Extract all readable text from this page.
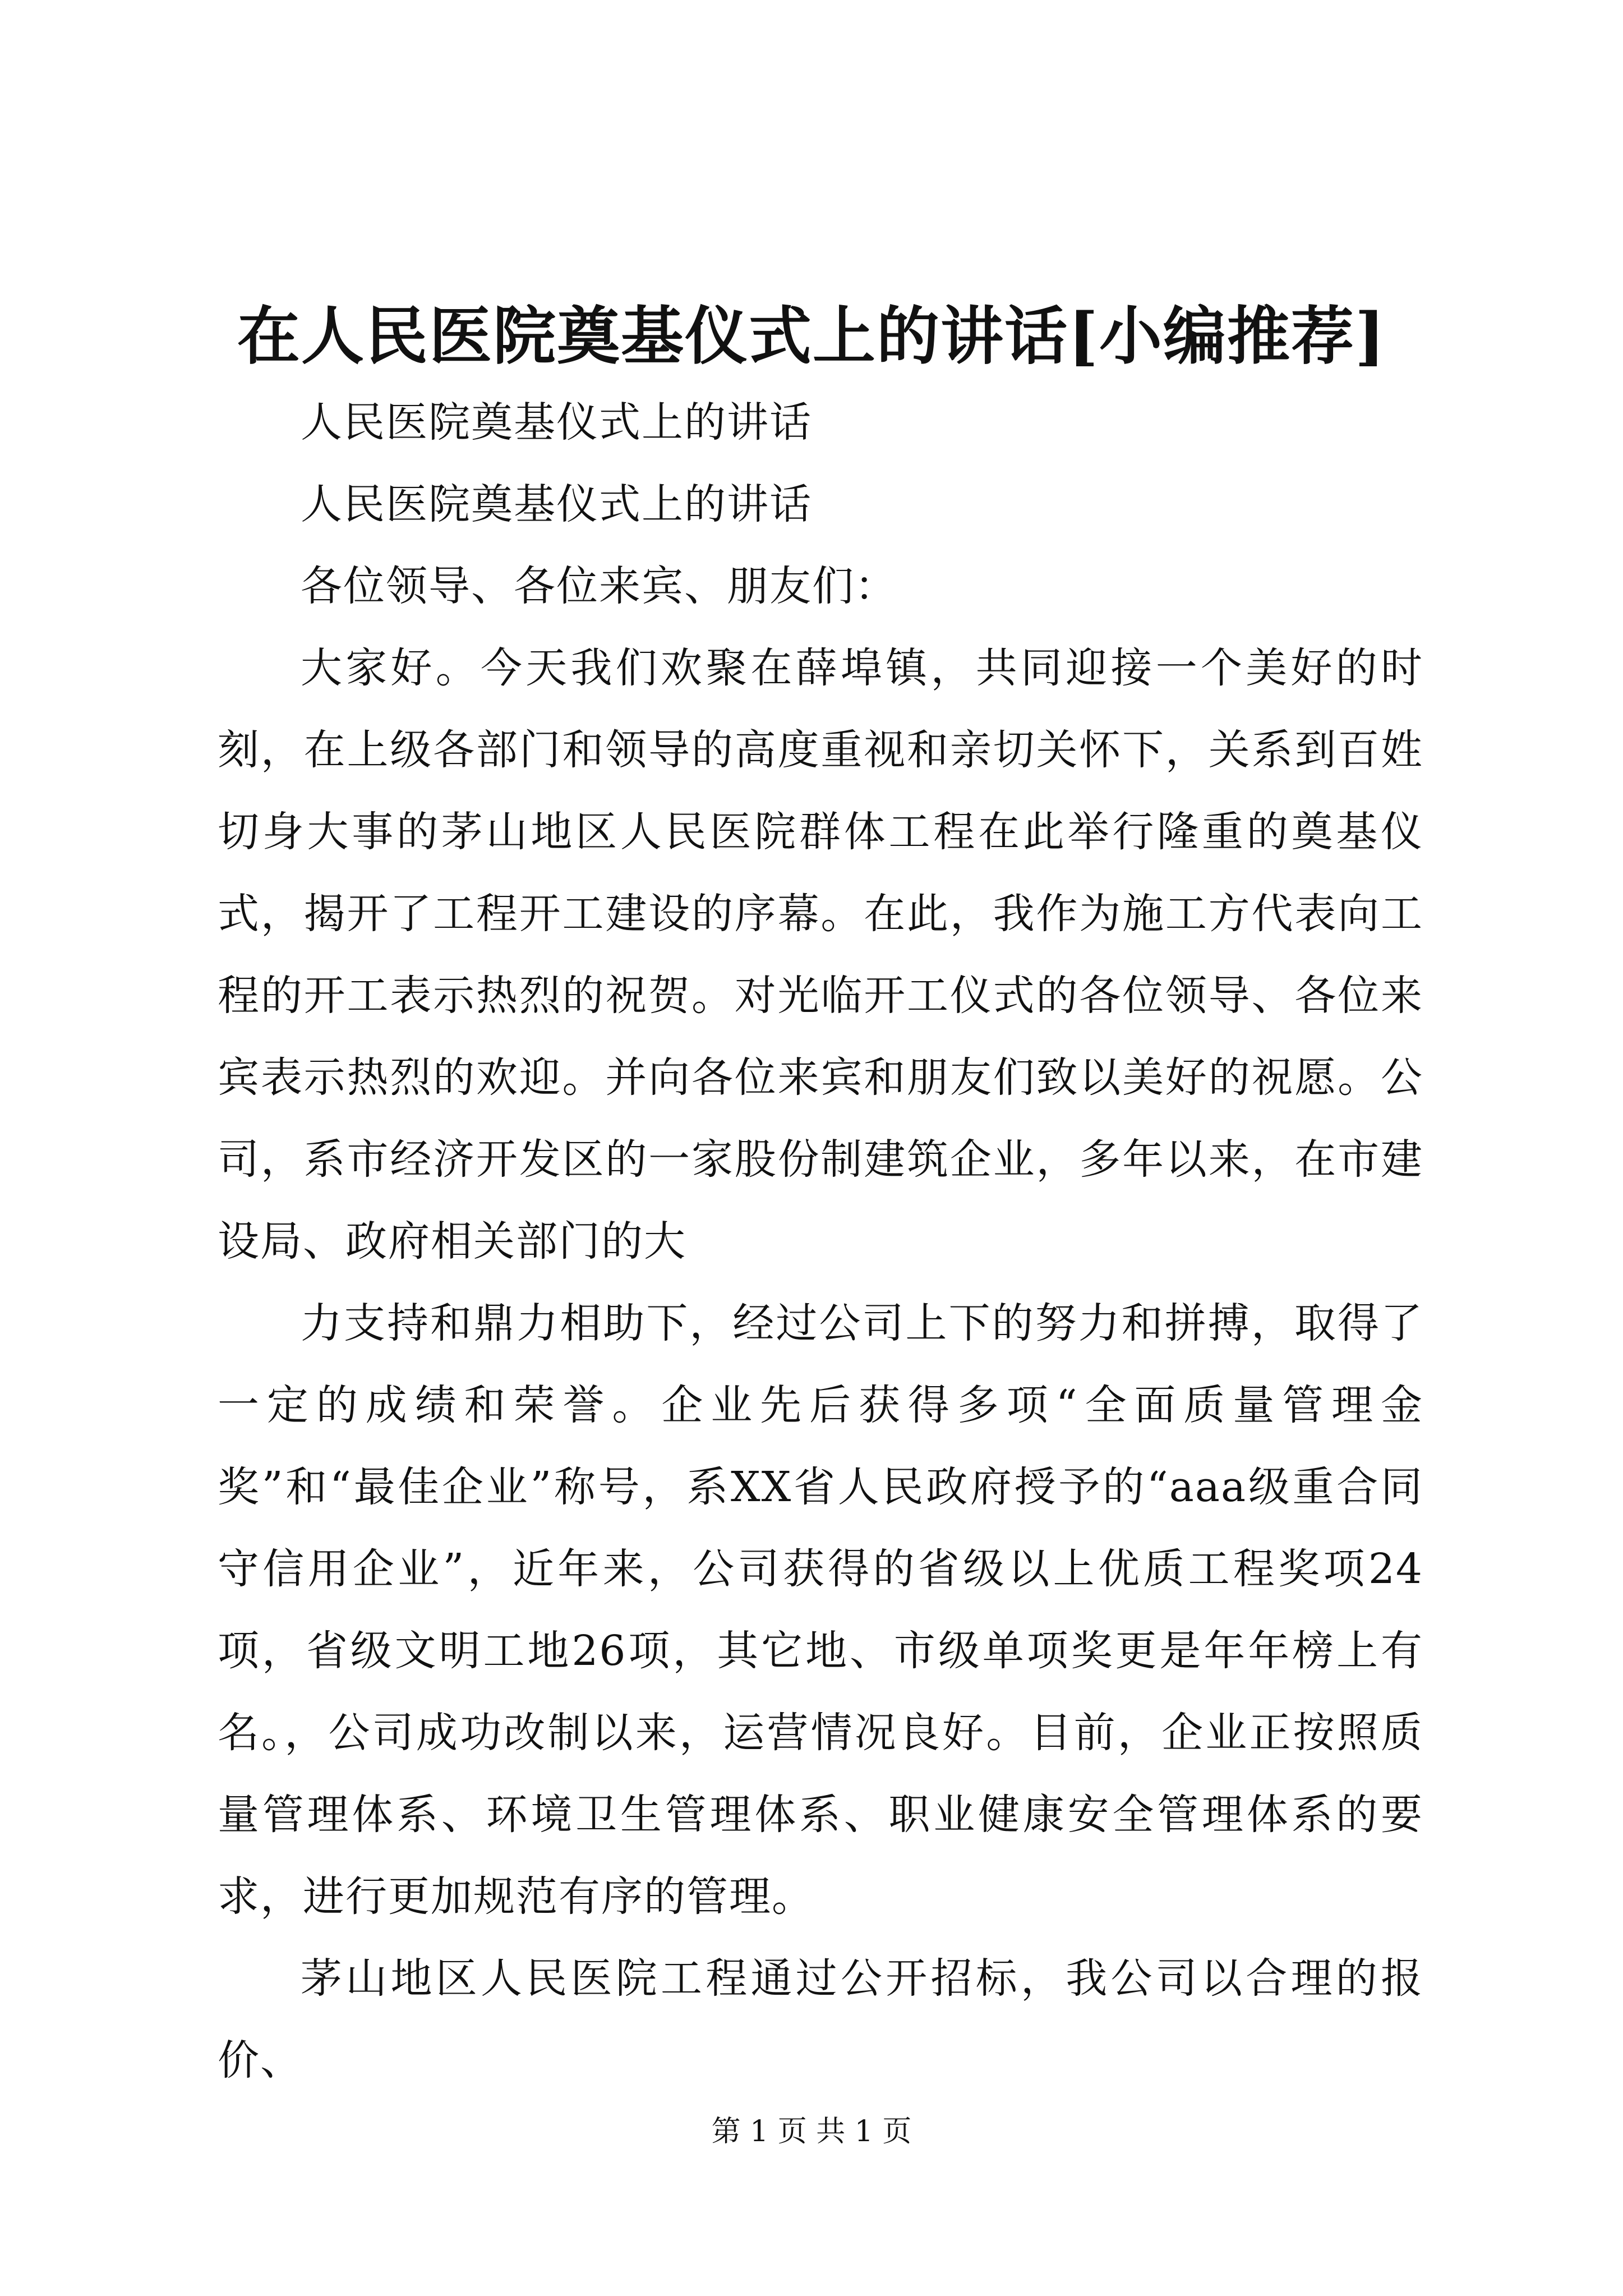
在人民医院奠基仪式上的讲话[小编推荐]

人民医院奠基仪式上的讲话

人民医院奠基仪式上的讲话

各位领导、各位来宾、朋友们：

大家好。今天我们欢聚在薛埠镇，共同迎接一个美好的时刻，在上级各部门和领导的高度重视和亲切关怀下，关系到百姓切身大事的茅山地区人民医院群体工程在此举行隆重的奠基仪式，揭开了工程开工建设的序幕。在此，我作为施工方代表向工程的开工表示热烈的祝贺。对光临开工仪式的各位领导、各位来宾表示热烈的欢迎。并向各位来宾和朋友们致以美好的祝愿。公司，系市经济开发区的一家股份制建筑企业，多年以来，在市建设局、政府相关部门的大

力支持和鼎力相助下，经过公司上下的努力和拼搏，取得了一定的成绩和荣誉。企业先后获得多项“全面质量管理金奖”和“最佳企业”称号，系XX省人民政府授予的“aaa级重合同守信用企业”，近年来，公司获得的省级以上优质工程奖项24项，省级文明工地26项，其它地、市级单项奖更是年年榜上有名。，公司成功改制以来，运营情况良好。目前，企业正按照质量管理体系、环境卫生管理体系、职业健康安全管理体系的要求，进行更加规范有序的管理。

茅山地区人民医院工程通过公开招标，我公司以合理的报价、

第 1 页 共 1 页
